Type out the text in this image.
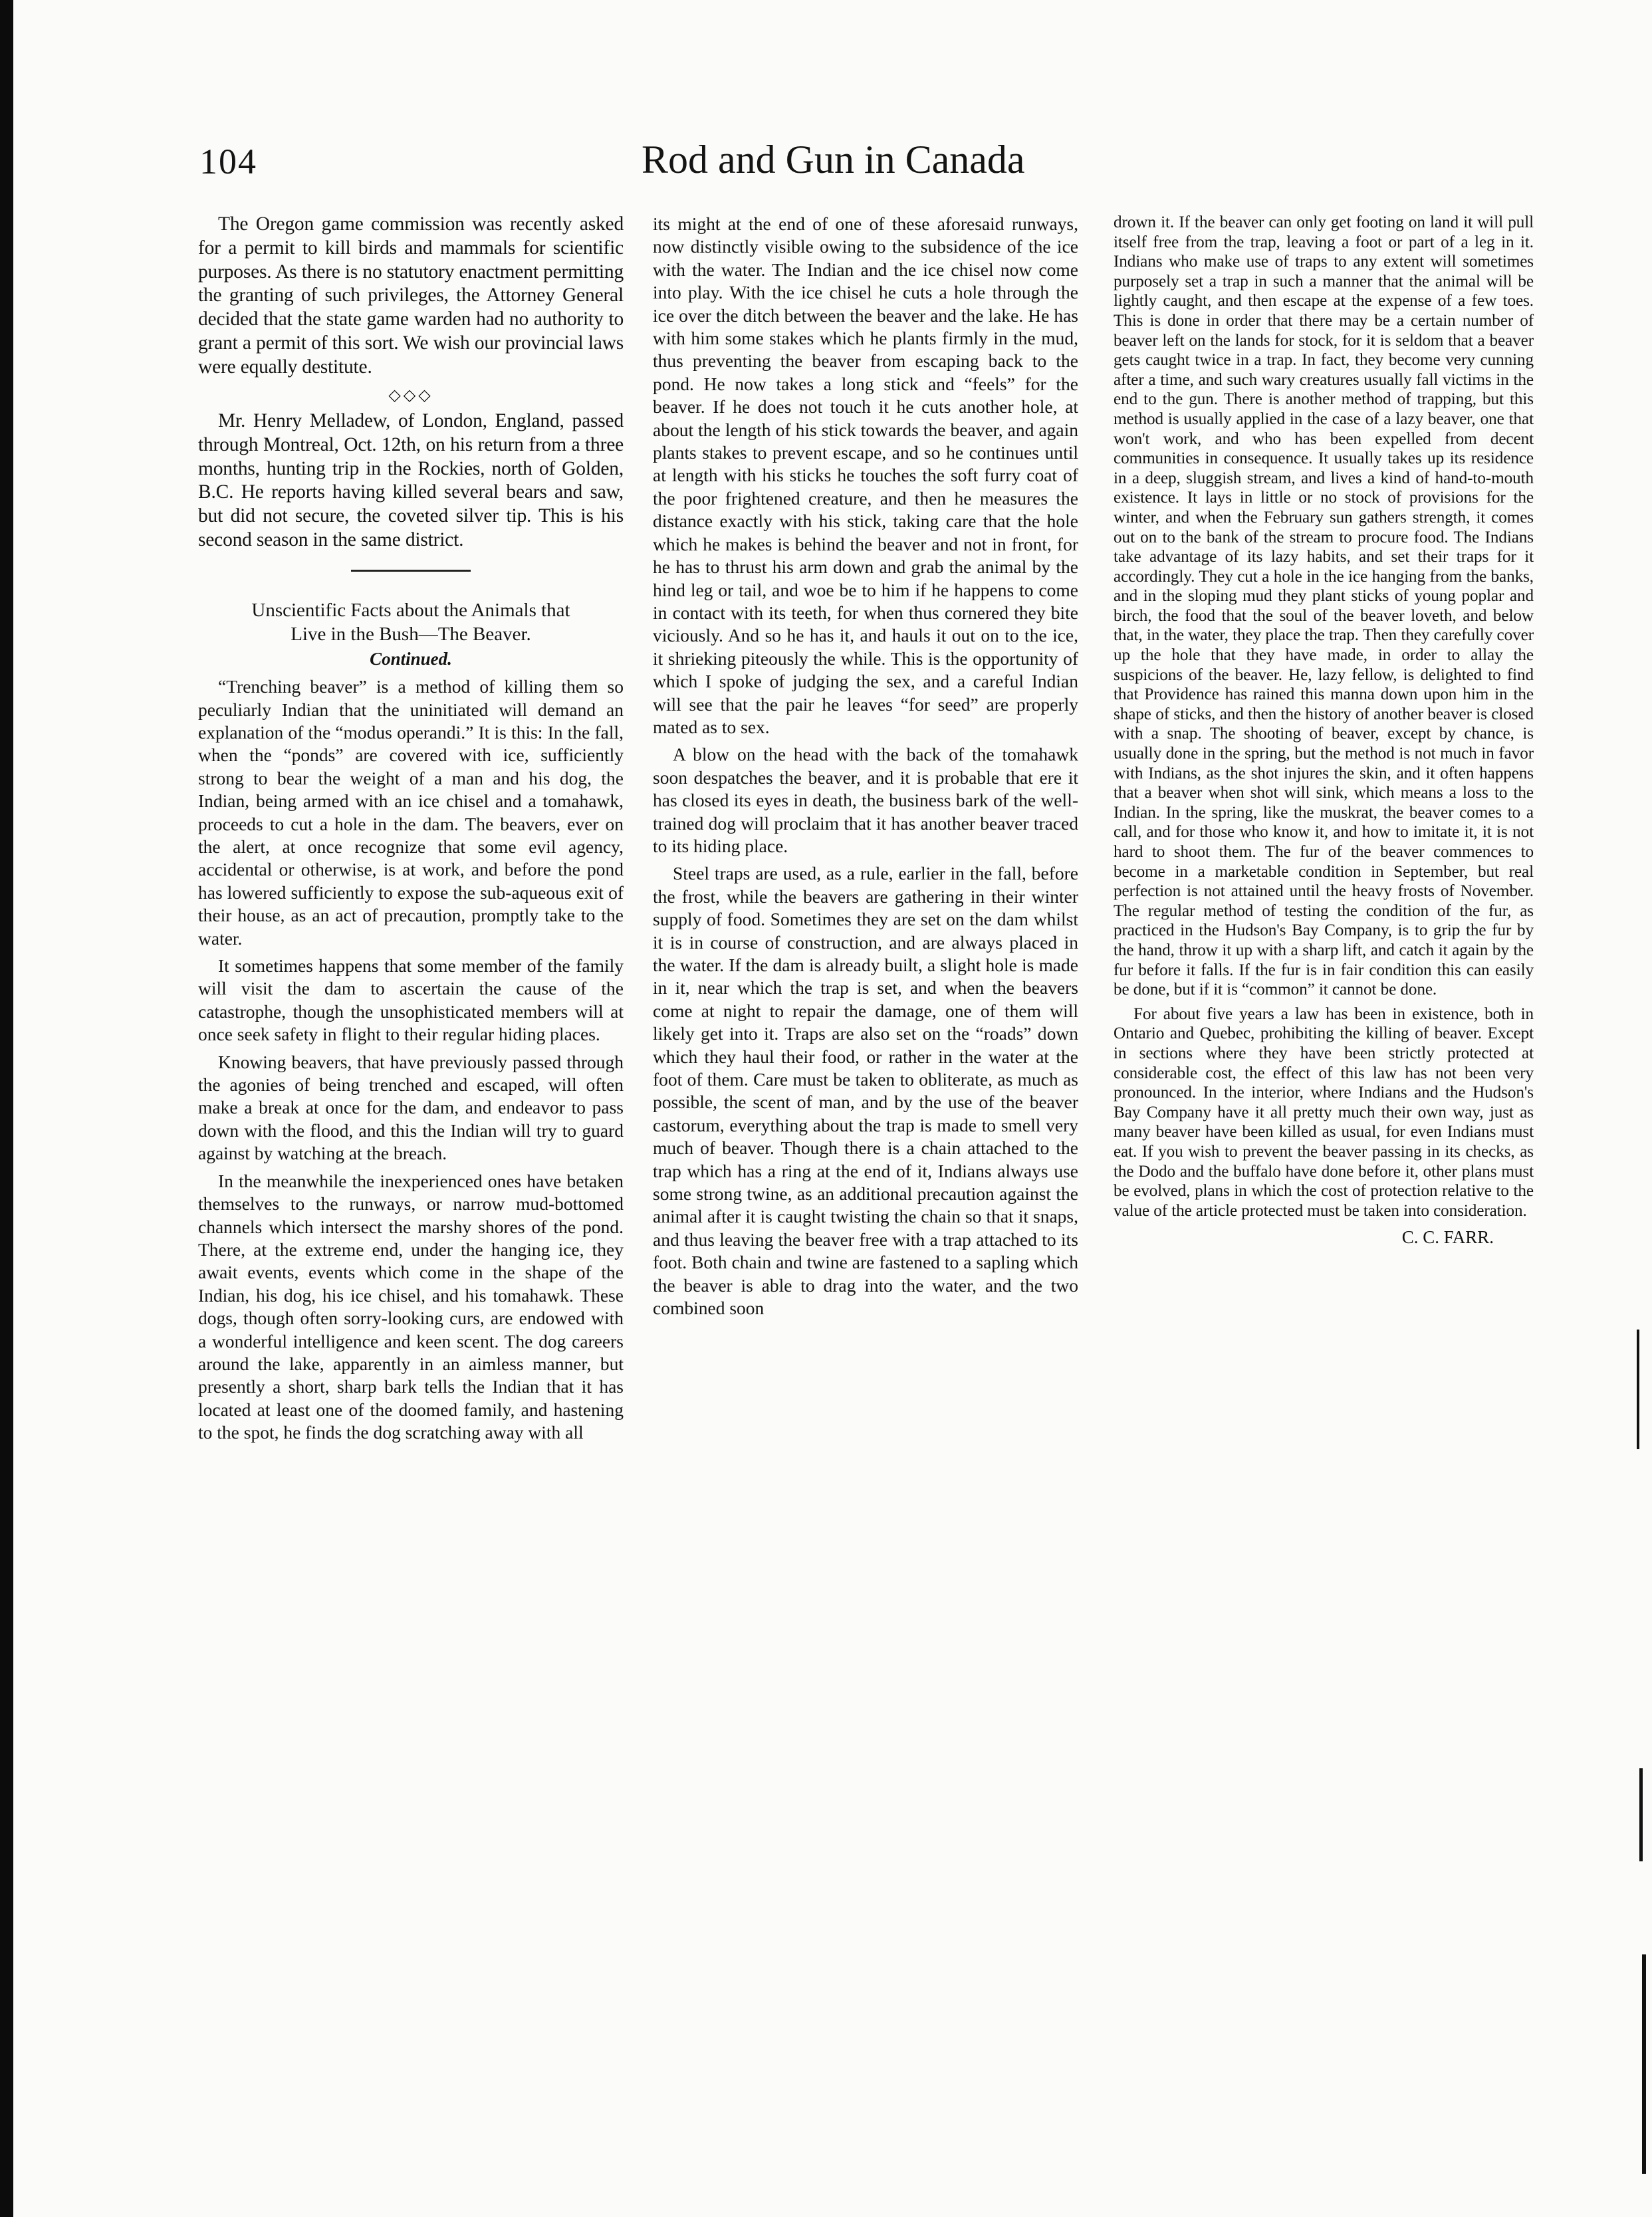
104	Rod and Gun in Canada

The Oregon game commission was recently asked for a permit to kill birds and mammals for scientific purposes. As there is no statutory enactment permitting the granting of such privileges, the Attorney General decided that the state game warden had no authority to grant a permit of this sort. We wish our provincial laws were equally destitute.

◇◇◇

Mr. Henry Melladew, of London, England, passed through Montreal, Oct. 12th, on his return from a three months, hunting trip in the Rockies, north of Golden, B.C. He reports having killed several bears and saw, but did not secure, the coveted silver tip. This is his second season in the same district.

Unscientific Facts about the Animals that
Live in the Bush—The Beaver.
Continued.

“Trenching beaver” is a method of killing them so peculiarly Indian that the uninitiated will demand an explanation of the “modus operandi.” It is this: In the fall, when the “ponds” are covered with ice, sufficiently strong to bear the weight of a man and his dog, the Indian, being armed with an ice chisel and a tomahawk, proceeds to cut a hole in the dam. The beavers, ever on the alert, at once recognize that some evil agency, accidental or otherwise, is at work, and before the pond has lowered sufficiently to expose the sub-aqueous exit of their house, as an act of precaution, promptly take to the water.

It sometimes happens that some member of the family will visit the dam to ascertain the cause of the catastrophe, though the unsophisticated members will at once seek safety in flight to their regular hiding places.

Knowing beavers, that have previously passed through the agonies of being trenched and escaped, will often make a break at once for the dam, and endeavor to pass down with the flood, and this the Indian will try to guard against by watching at the breach.

In the meanwhile the inexperienced ones have betaken themselves to the runways, or narrow mud-bottomed channels which intersect the marshy shores of the pond. There, at the extreme end, under the hanging ice, they await events, events which come in the shape of the Indian, his dog, his ice chisel, and his tomahawk. These dogs, though often sorry-looking curs, are endowed with a wonderful intelligence and keen scent. The dog careers around the lake, apparently in an aimless manner, but presently a short, sharp bark tells the Indian that it has located at least one of the doomed family, and hastening to the spot, he finds the dog scratching away with all

its might at the end of one of these aforesaid runways, now distinctly visible owing to the subsidence of the ice with the water. The Indian and the ice chisel now come into play. With the ice chisel he cuts a hole through the ice over the ditch between the beaver and the lake. He has with him some stakes which he plants firmly in the mud, thus preventing the beaver from escaping back to the pond. He now takes a long stick and “feels” for the beaver. If he does not touch it he cuts another hole, at about the length of his stick towards the beaver, and again plants stakes to prevent escape, and so he continues until at length with his sticks he touches the soft furry coat of the poor frightened creature, and then he measures the distance exactly with his stick, taking care that the hole which he makes is behind the beaver and not in front, for he has to thrust his arm down and grab the animal by the hind leg or tail, and woe be to him if he happens to come in contact with its teeth, for when thus cornered they bite viciously. And so he has it, and hauls it out on to the ice, it shrieking piteously the while. This is the opportunity of which I spoke of judging the sex, and a careful Indian will see that the pair he leaves “for seed” are properly mated as to sex.

A blow on the head with the back of the tomahawk soon despatches the beaver, and it is probable that ere it has closed its eyes in death, the business bark of the well-trained dog will proclaim that it has another beaver traced to its hiding place.

Steel traps are used, as a rule, earlier in the fall, before the frost, while the beavers are gathering in their winter supply of food. Sometimes they are set on the dam whilst it is in course of construction, and are always placed in the water. If the dam is already built, a slight hole is made in it, near which the trap is set, and when the beavers come at night to repair the damage, one of them will likely get into it. Traps are also set on the “roads” down which they haul their food, or rather in the water at the foot of them. Care must be taken to obliterate, as much as possible, the scent of man, and by the use of the beaver castorum, everything about the trap is made to smell very much of beaver. Though there is a chain attached to the trap which has a ring at the end of it, Indians always use some strong twine, as an additional precaution against the animal after it is caught twisting the chain so that it snaps, and thus leaving the beaver free with a trap attached to its foot. Both chain and twine are fastened to a sapling which the beaver is able to drag into the water, and the two combined soon

drown it. If the beaver can only get footing on land it will pull itself free from the trap, leaving a foot or part of a leg in it. Indians who make use of traps to any extent will sometimes purposely set a trap in such a manner that the animal will be lightly caught, and then escape at the expense of a few toes. This is done in order that there may be a certain number of beaver left on the lands for stock, for it is seldom that a beaver gets caught twice in a trap. In fact, they become very cunning after a time, and such wary creatures usually fall victims in the end to the gun. There is another method of trapping, but this method is usually applied in the case of a lazy beaver, one that won't work, and who has been expelled from decent communities in consequence. It usually takes up its residence in a deep, sluggish stream, and lives a kind of hand-to-mouth existence. It lays in little or no stock of provisions for the winter, and when the February sun gathers strength, it comes out on to the bank of the stream to procure food. The Indians take advantage of its lazy habits, and set their traps for it accordingly. They cut a hole in the ice hanging from the banks, and in the sloping mud they plant sticks of young poplar and birch, the food that the soul of the beaver loveth, and below that, in the water, they place the trap. Then they carefully cover up the hole that they have made, in order to allay the suspicions of the beaver. He, lazy fellow, is delighted to find that Providence has rained this manna down upon him in the shape of sticks, and then the history of another beaver is closed with a snap. The shooting of beaver, except by chance, is usually done in the spring, but the method is not much in favor with Indians, as the shot injures the skin, and it often happens that a beaver when shot will sink, which means a loss to the Indian. In the spring, like the muskrat, the beaver comes to a call, and for those who know it, and how to imitate it, it is not hard to shoot them. The fur of the beaver commences to become in a marketable condition in September, but real perfection is not attained until the heavy frosts of November. The regular method of testing the condition of the fur, as practiced in the Hudson's Bay Company, is to grip the fur by the hand, throw it up with a sharp lift, and catch it again by the fur before it falls. If the fur is in fair condition this can easily be done, but if it is “common” it cannot be done.

For about five years a law has been in existence, both in Ontario and Quebec, prohibiting the killing of beaver. Except in sections where they have been strictly protected at considerable cost, the effect of this law has not been very pronounced. In the interior, where Indians and the Hudson's Bay Company have it all pretty much their own way, just as many beaver have been killed as usual, for even Indians must eat. If you wish to prevent the beaver passing in its checks, as the Dodo and the buffalo have done before it, other plans must be evolved, plans in which the cost of protection relative to the value of the article protected must be taken into consideration.

C. C. FARR.
